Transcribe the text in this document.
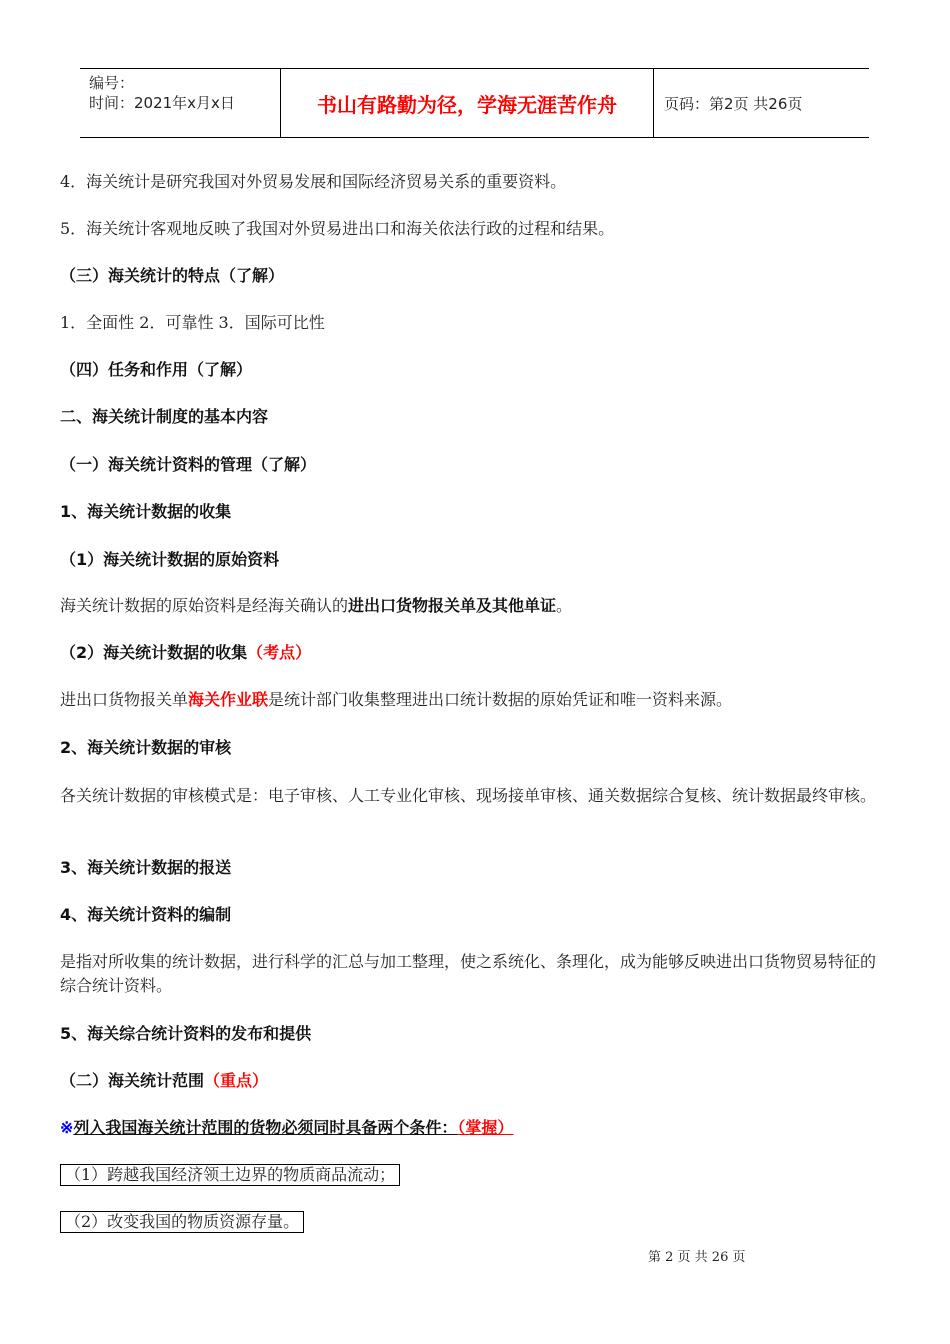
编号：
时间：2021年x月x日	书山有路勤为径，学海无涯苦作舟	页码：第2页 共26页
4．海关统计是研究我国对外贸易发展和国际经济贸易关系的重要资料。
5．海关统计客观地反映了我国对外贸易进出口和海关依法行政的过程和结果。
（三）海关统计的特点（了解）
1．全面性 2．可靠性 3．国际可比性
（四）任务和作用（了解）
二、海关统计制度的基本内容
（一）海关统计资料的管理（了解）
1、海关统计数据的收集
（1）海关统计数据的原始资料
海关统计数据的原始资料是经海关确认的进出口货物报关单及其他单证。
（2）海关统计数据的收集（考点）
进出口货物报关单海关作业联是统计部门收集整理进出口统计数据的原始凭证和唯一资料来源。
2、海关统计数据的审核
各关统计数据的审核模式是：电子审核、人工专业化审核、现场接单审核、通关数据综合复核、统计数据最终审核。
3、海关统计数据的报送
4、海关统计资料的编制
是指对所收集的统计数据，进行科学的汇总与加工整理，使之系统化、条理化，成为能够反映进出口货物贸易特征的综合统计资料。
5、海关综合统计资料的发布和提供
（二）海关统计范围（重点）
※列入我国海关统计范围的货物必须同时具备两个条件：（掌握）
（1）跨越我国经济领土边界的物质商品流动；
（2）改变我国的物质资源存量。
第 2 页 共 26 页
